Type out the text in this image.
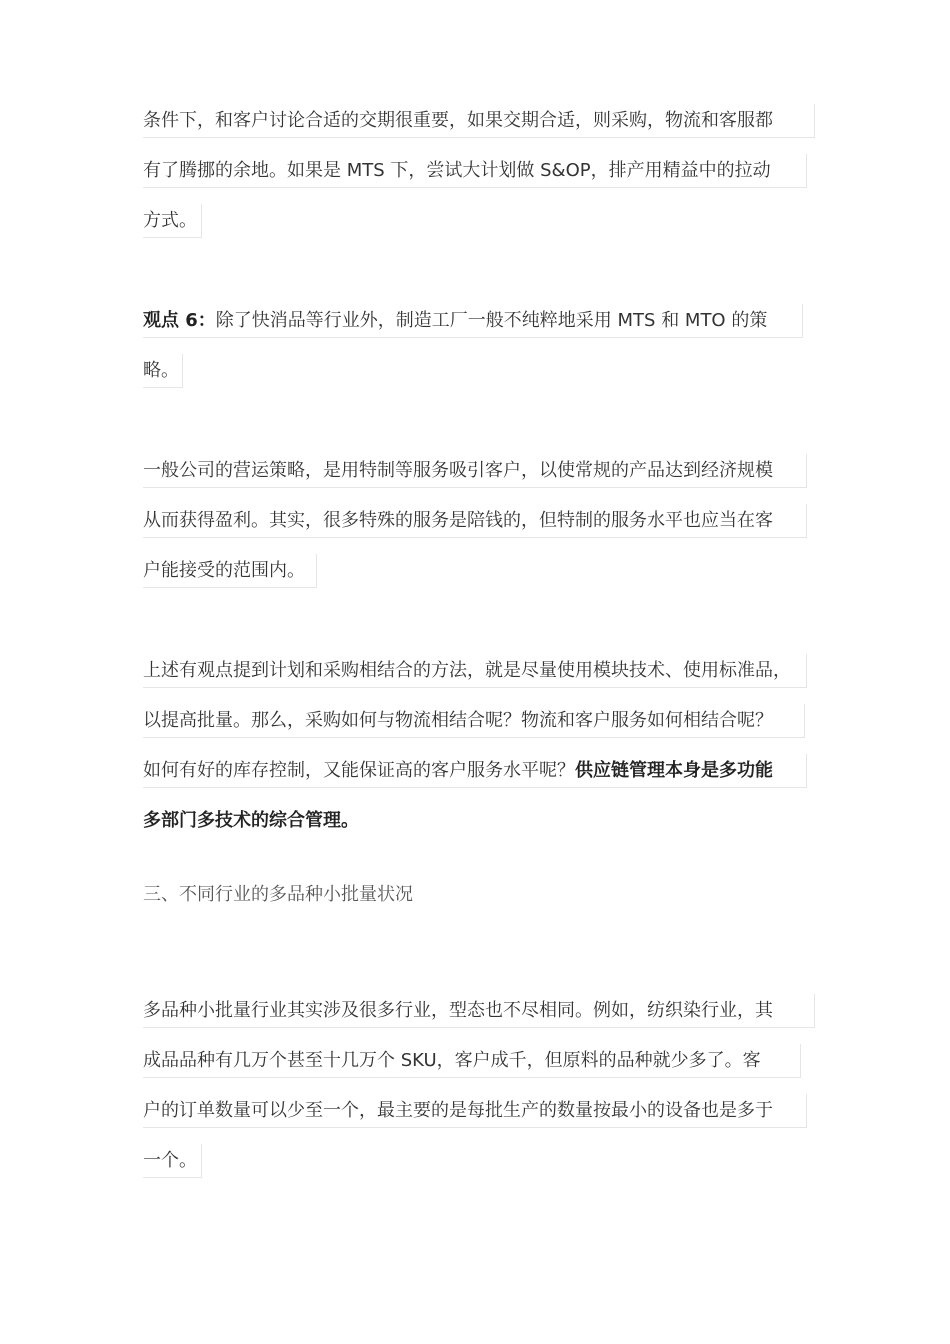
条件下，和客户讨论合适的交期很重要，如果交期合适，则采购，物流和客服都
有了腾挪的余地。如果是 MTS 下，尝试大计划做 S&OP，排产用精益中的拉动
方式。
观点 6：除了快消品等行业外，制造工厂一般不纯粹地采用 MTS 和 MTO 的策
略。
一般公司的营运策略，是用特制等服务吸引客户，以使常规的产品达到经济规模
从而获得盈利。其实，很多特殊的服务是陪钱的，但特制的服务水平也应当在客
户能接受的范围内。
上述有观点提到计划和采购相结合的方法，就是尽量使用模块技术、使用标准品，
以提高批量。那么，采购如何与物流相结合呢？物流和客户服务如何相结合呢？
如何有好的库存控制，又能保证高的客户服务水平呢？供应链管理本身是多功能
多部门多技术的综合管理。
三、不同行业的多品种小批量状况
多品种小批量行业其实涉及很多行业，型态也不尽相同。例如，纺织染行业，其
成品品种有几万个甚至十几万个 SKU，客户成千，但原料的品种就少多了。客
户的订单数量可以少至一个，最主要的是每批生产的数量按最小的设备也是多于
一个。
